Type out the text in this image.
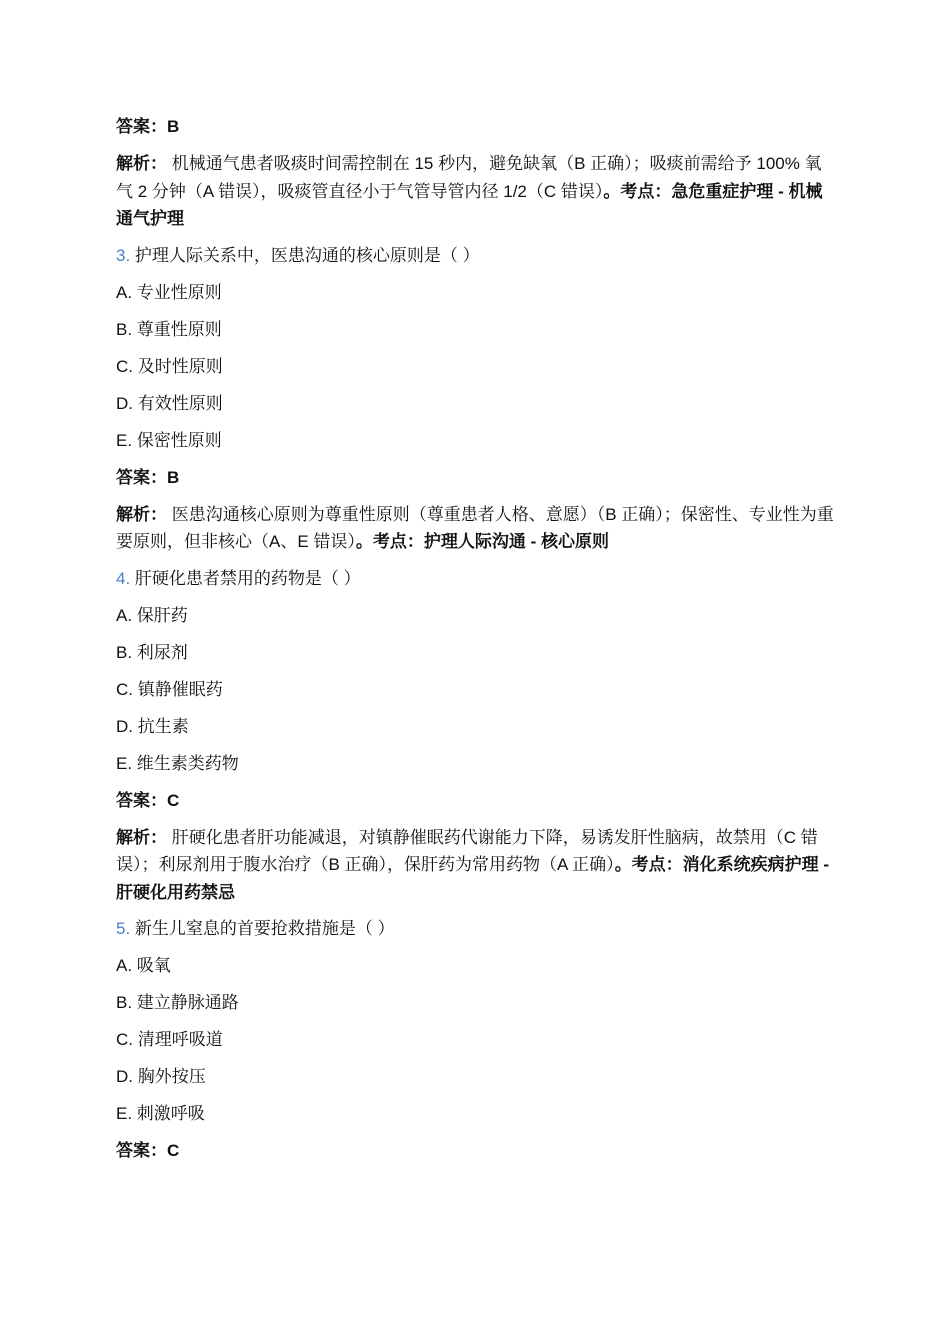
答案：B

解析： 机械通气患者吸痰时间需控制在 15 秒内，避免缺氧（B 正确）；吸痰前需给予 100% 氧气 2 分钟（A 错误），吸痰管直径小于气管导管内径 1/2（C 错误）。考点：急危重症护理 - 机械通气护理

3. 护理人际关系中，医患沟通的核心原则是（ ）

A. 专业性原则

B. 尊重性原则

C. 及时性原则

D. 有效性原则

E. 保密性原则

答案：B

解析： 医患沟通核心原则为尊重性原则（尊重患者人格、意愿）（B 正确）；保密性、专业性为重要原则，但非核心（A、E 错误）。考点：护理人际沟通 - 核心原则

4. 肝硬化患者禁用的药物是（ ）

A. 保肝药

B. 利尿剂

C. 镇静催眠药

D. 抗生素

E. 维生素类药物

答案：C

解析： 肝硬化患者肝功能减退，对镇静催眠药代谢能力下降，易诱发肝性脑病，故禁用（C 错误）；利尿剂用于腹水治疗（B 正确），保肝药为常用药物（A 正确）。考点：消化系统疾病护理 - 肝硬化用药禁忌

5. 新生儿窒息的首要抢救措施是（ ）

A. 吸氧

B. 建立静脉通路

C. 清理呼吸道

D. 胸外按压

E. 刺激呼吸

答案：C
